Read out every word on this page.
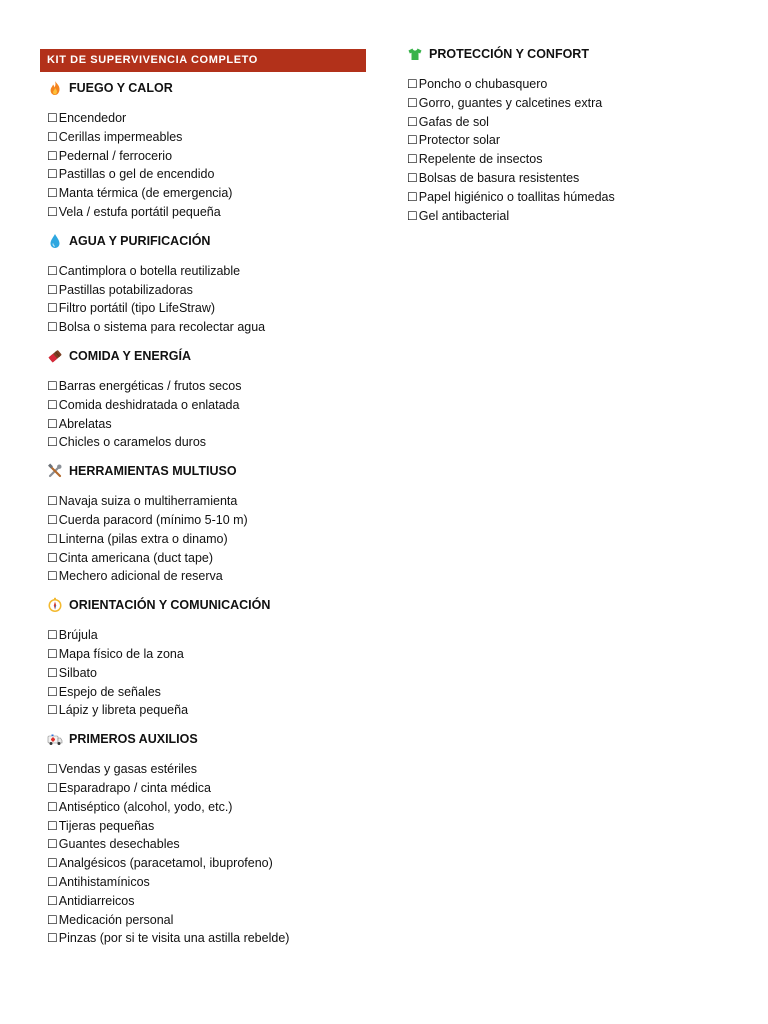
KIT DE SUPERVIVENCIA COMPLETO
FUEGO Y CALOR
☐Encendedor
☐Cerillas impermeables
☐Pedernal / ferrocerio
☐Pastillas o gel de encendido
☐Manta térmica (de emergencia)
☐Vela / estufa portátil pequeña
AGUA Y PURIFICACIÓN
☐Cantimplora o botella reutilizable
☐Pastillas potabilizadoras
☐Filtro portátil (tipo LifeStraw)
☐Bolsa o sistema para recolectar agua
COMIDA Y ENERGÍA
☐Barras energéticas / frutos secos
☐Comida deshidratada o enlatada
☐Abrelatas
☐Chicles o caramelos duros
HERRAMIENTAS MULTIUSO
☐Navaja suiza o multiherramienta
☐Cuerda paracord (mínimo 5-10 m)
☐Linterna (pilas extra o dinamo)
☐Cinta americana (duct tape)
☐Mechero adicional de reserva
ORIENTACIÓN Y COMUNICACIÓN
☐Brújula
☐Mapa físico de la zona
☐Silbato
☐Espejo de señales
☐Lápiz y libreta pequeña
PRIMEROS AUXILIOS
☐Vendas y gasas estériles
☐Esparadrapo / cinta médica
☐Antiséptico (alcohol, yodo, etc.)
☐Tijeras pequeñas
☐Guantes desechables
☐Analgésicos (paracetamol, ibuprofeno)
☐Antihistamínicos
☐Antidiarreicos
☐Medicación personal
☐Pinzas (por si te visita una astilla rebelde)
PROTECCIÓN Y CONFORT
☐Poncho o chubasquero
☐Gorro, guantes y calcetines extra
☐Gafas de sol
☐Protector solar
☐Repelente de insectos
☐Bolsas de basura resistentes
☐Papel higiénico o toallitas húmedas
☐Gel antibacterial
